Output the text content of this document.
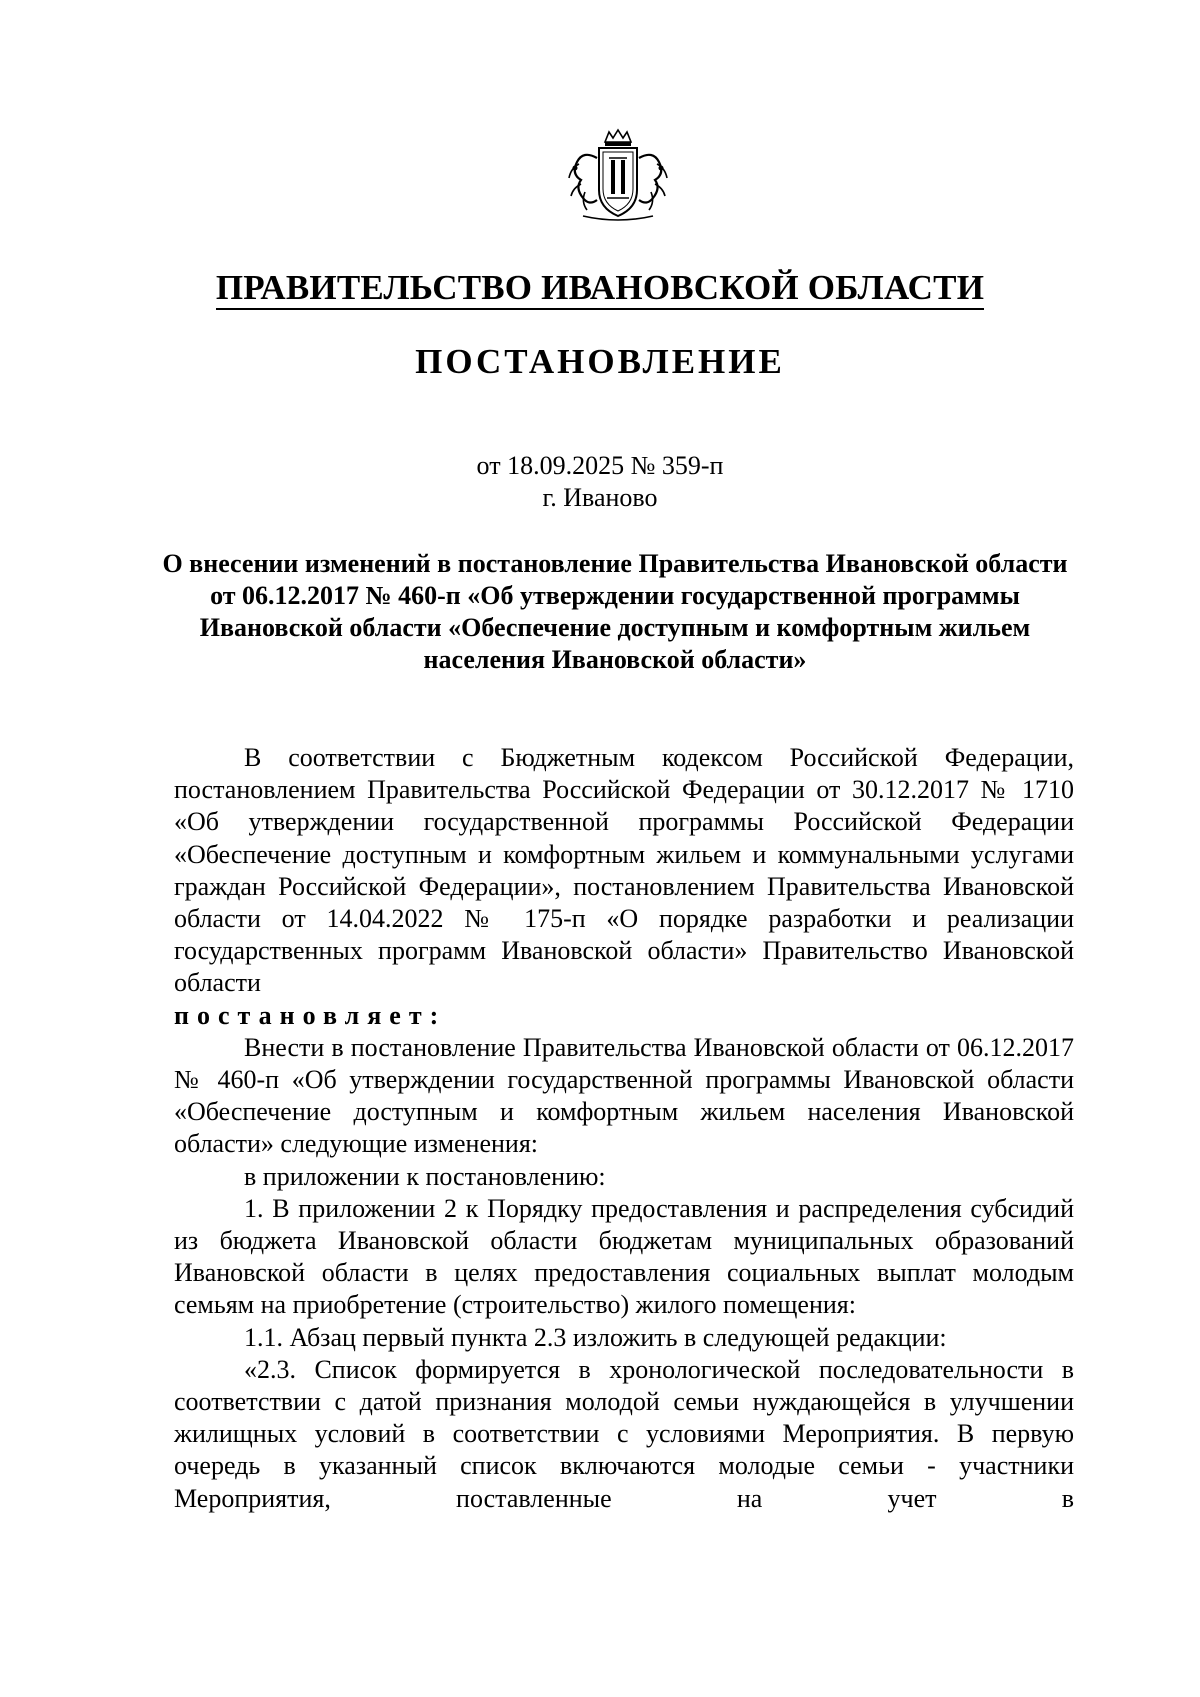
ПРАВИТЕЛЬСТВО ИВАНОВСКОЙ ОБЛАСТИ
ПОСТАНОВЛЕНИЕ
от 18.09.2025 № 359-п
г. Иваново
О внесении изменений в постановление Правительства Ивановской области от 06.12.2017 № 460-п «Об утверждении государственной программы Ивановской области «Обеспечение доступным и комфортным жильем населения Ивановской области»

В соответствии с Бюджетным кодексом Российской Федерации, постановлением Правительства Российской Федерации от 30.12.2017 № 1710 «Об утверждении государственной программы Российской Федерации «Обеспечение доступным и комфортным жильем и коммунальными услугами граждан Российской Федерации», постановлением Правительства Ивановской области от 14.04.2022 № 175-п «О порядке разработки и реализации государственных программ Ивановской области» Правительство Ивановской области

постановляет:

Внести в постановление Правительства Ивановской области от 06.12.2017 № 460-п «Об утверждении государственной программы Ивановской области «Обеспечение доступным и комфортным жильем населения Ивановской области» следующие изменения:

в приложении к постановлению:

1. В приложении 2 к Порядку предоставления и распределения субсидий из бюджета Ивановской области бюджетам муниципальных образований Ивановской области в целях предоставления социальных выплат молодым семьям на приобретение (строительство) жилого помещения:

1.1. Абзац первый пункта 2.3 изложить в следующей редакции:

«2.3. Список формируется в хронологической последовательности в соответствии с датой признания молодой семьи нуждающейся в улучшении жилищных условий в соответствии с условиями Мероприятия. В первую очередь в указанный список включаются молодые семьи - участники Мероприятия, поставленные на учет в
